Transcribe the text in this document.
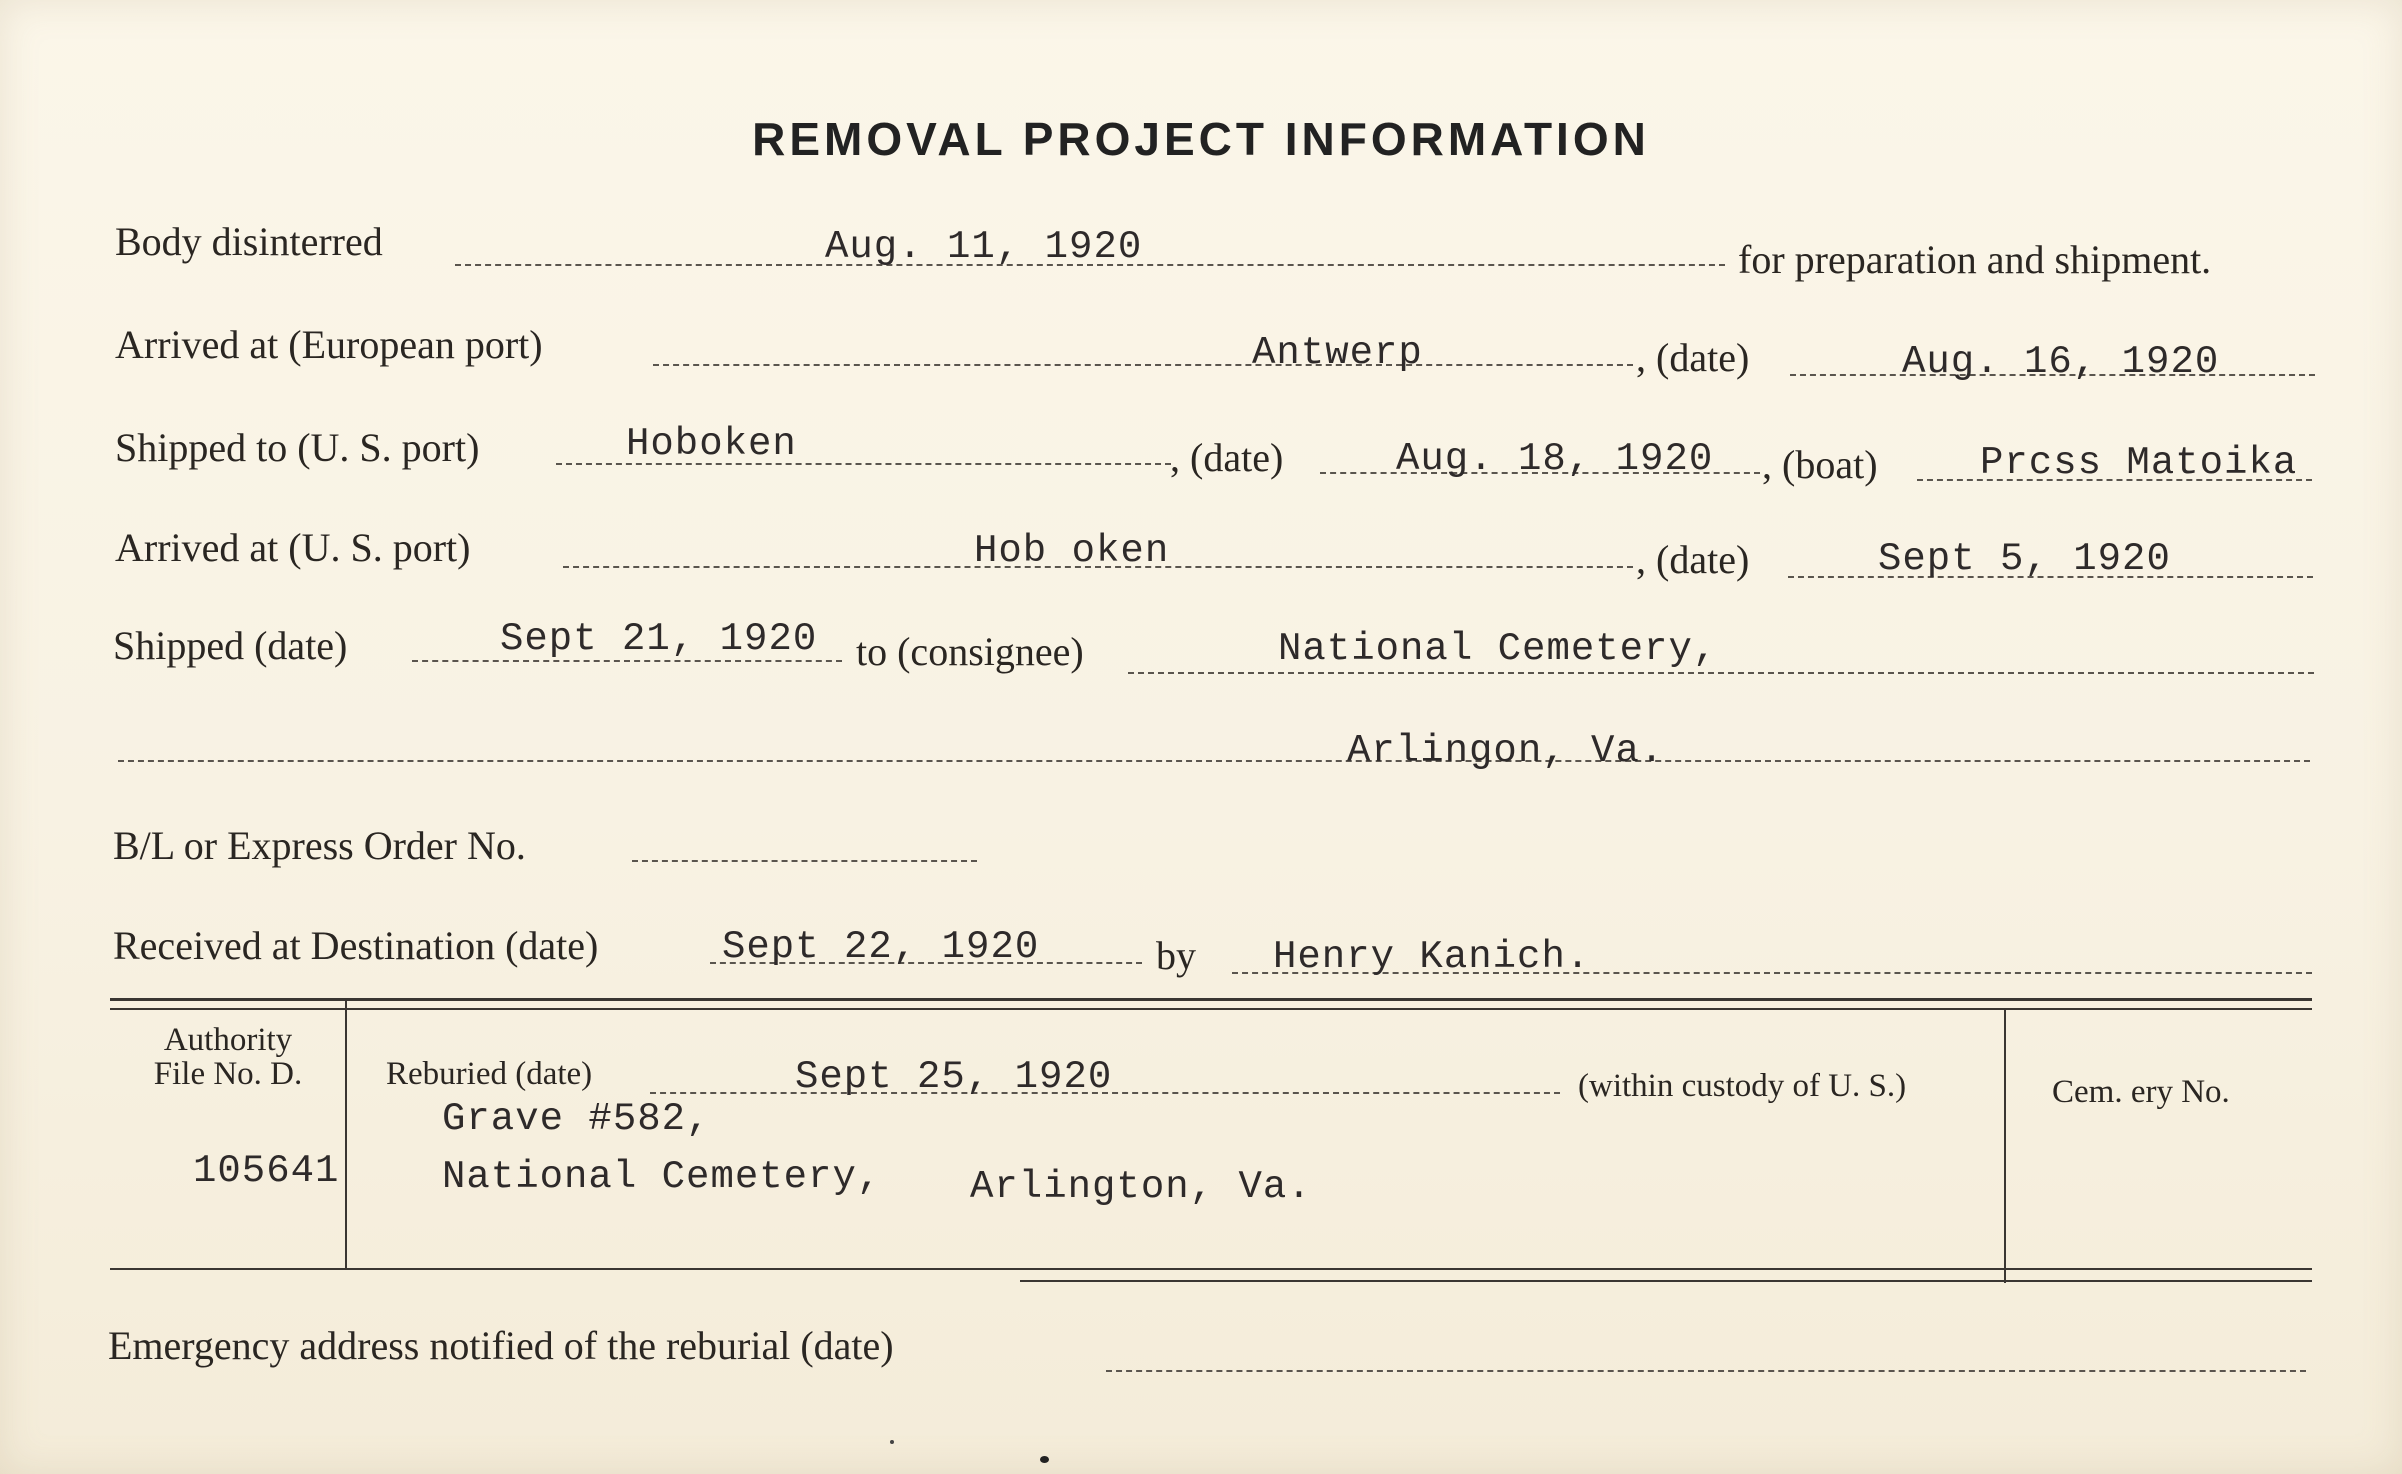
REMOVAL PROJECT INFORMATION
Body disinterred	Aug. 11, 1920	for preparation and shipment.
Arrived at (European port)	Antwerp	, (date)	Aug. 16, 1920
Shipped to (U. S. port)	Hoboken	, (date)	Aug. 18, 1920 , (boat)	Prcss Matoika
Arrived at (U. S. port)	Hob oken	, (date)	Sept 5, 1920
Shipped (date)	Sept 21, 1920 to (consignee)	National Cemetery,
Arlingon, Va.
B/L or Express Order No.
Received at Destination (date)	Sept 22, 1920	by Henry Kanich.
Authority
File No. D.
105641
Reburied (date)	Sept 25, 1920	(within custody of U. S.)
Grave #582,
National Cemetery, Arlington, Va.
Cem. ery No.
Emergency address notified of the reburial (date)
